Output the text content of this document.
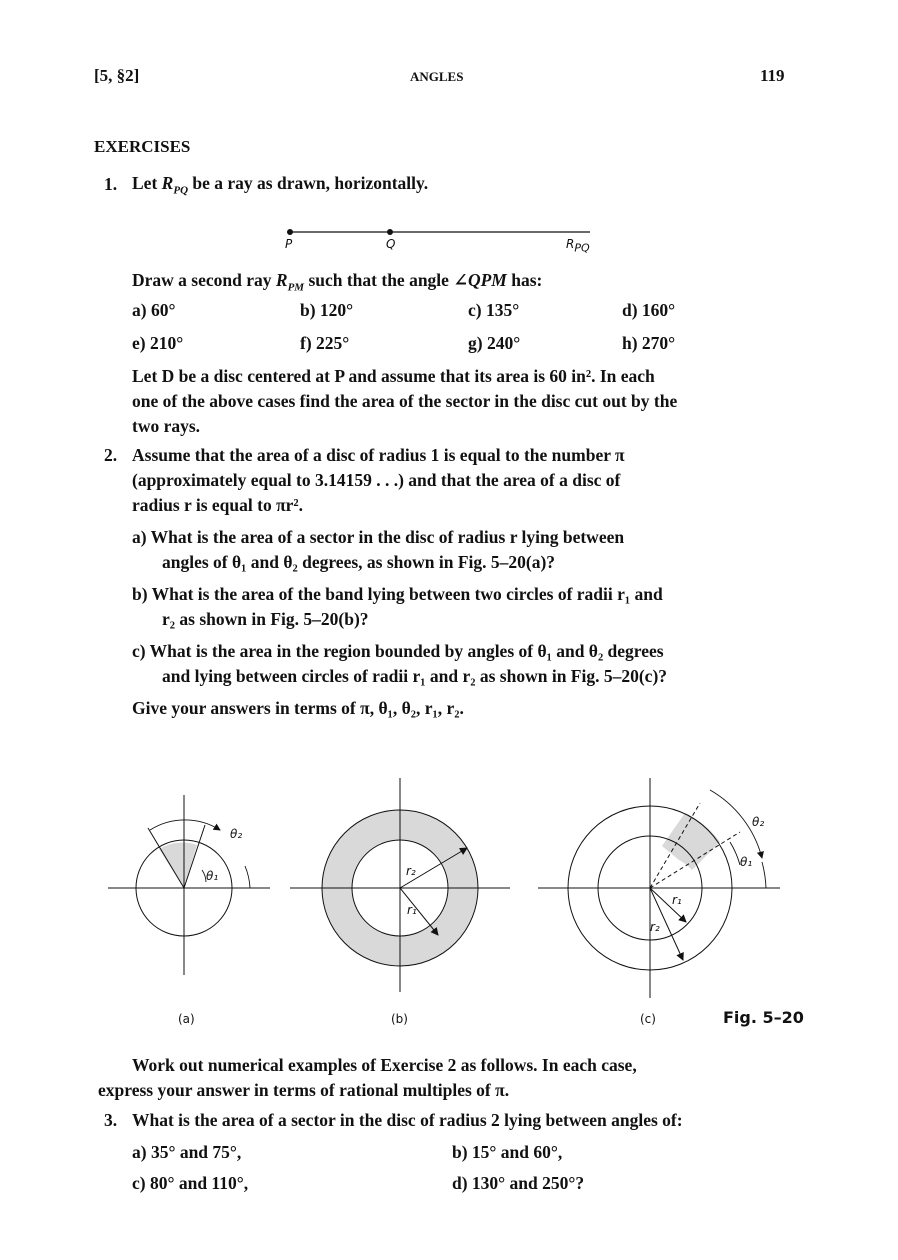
[5, §2]	ANGLES	119
EXERCISES
1. Let $R_{PQ}$ be a ray as drawn, horizontally.
P	Q	$R_{PQ}$
Draw a second ray $R_{PM}$ such that the angle ∠QPM has:
a) 60°	b) 120°	c) 135°	d) 160°
e) 210°	f) 225°	g) 240°	h) 270°
Let D be a disc centered at P and assume that its area is 60 in². In each
one of the above cases find the area of the sector in the disc cut out by the
two rays.
2. Assume that the area of a disc of radius 1 is equal to the number π
(approximately equal to 3.14159 . . .) and that the area of a disc of
radius r is equal to πr².
a) What is the area of a sector in the disc of radius r lying between
angles of θ₁ and θ₂ degrees, as shown in Fig. 5–20(a)?
b) What is the area of the band lying between two circles of radii r₁ and
r₂ as shown in Fig. 5–20(b)?
c) What is the area in the region bounded by angles of θ₁ and θ₂ degrees
and lying between circles of radii r₁ and r₂ as shown in Fig. 5–20(c)?
Give your answers in terms of π, θ₁, θ₂, r₁, r₂.
θ₂
θ₁	r₂
r₁
θ₂
θ₁
r₁
r₂
(a)	(b)	(c)	Fig. 5–20
Work out numerical examples of Exercise 2 as follows. In each case,
express your answer in terms of rational multiples of π.
3. What is the area of a sector in the disc of radius 2 lying between angles of:
a) 35° and 75°,	b) 15° and 60°,
c) 80° and 110°,	d) 130° and 250°?
